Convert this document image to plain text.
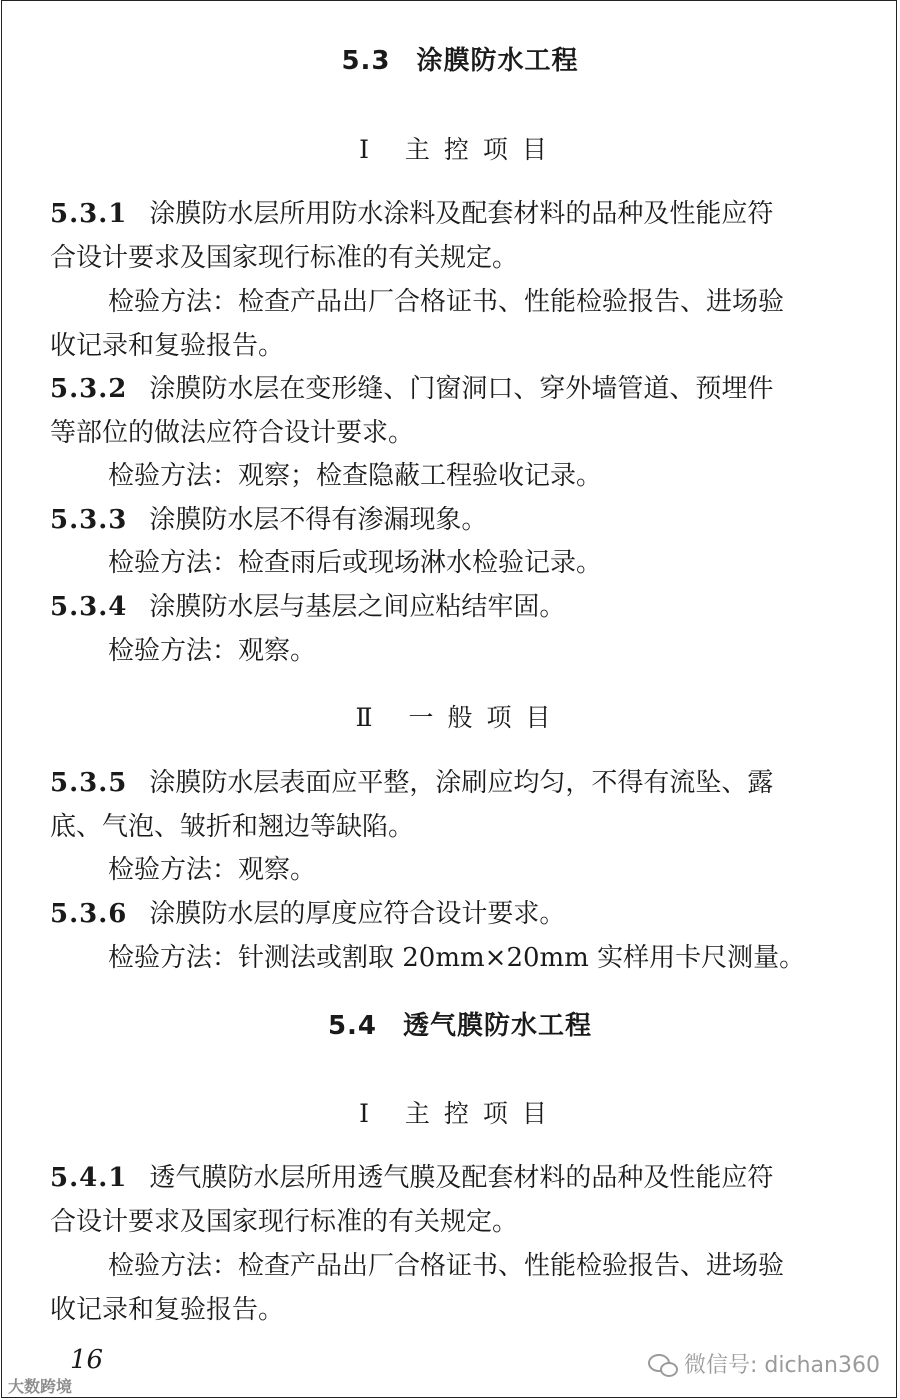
5.3 涂膜防水工程
Ⅰ 主控项目
5.3.1 涂膜防水层所用防水涂料及配套材料的品种及性能应符
合设计要求及国家现行标准的有关规定。
检验方法：检查产品出厂合格证书、性能检验报告、进场验
收记录和复验报告。
5.3.2 涂膜防水层在变形缝、门窗洞口、穿外墙管道、预埋件
等部位的做法应符合设计要求。
检验方法：观察；检查隐蔽工程验收记录。
5.3.3 涂膜防水层不得有渗漏现象。
检验方法：检查雨后或现场淋水检验记录。
5.3.4 涂膜防水层与基层之间应粘结牢固。
检验方法：观察。
Ⅱ 一般项目
5.3.5 涂膜防水层表面应平整，涂刷应均匀，不得有流坠、露
底、气泡、皱折和翘边等缺陷。
检验方法：观察。
5.3.6 涂膜防水层的厚度应符合设计要求。
检验方法：针测法或割取 20mm×20mm 实样用卡尺测量。
5.4 透气膜防水工程
Ⅰ 主控项目
5.4.1 透气膜防水层所用透气膜及配套材料的品种及性能应符
合设计要求及国家现行标准的有关规定。
检验方法：检查产品出厂合格证书、性能检验报告、进场验
收记录和复验报告。
16	微信号: dichan360
大数跨境
